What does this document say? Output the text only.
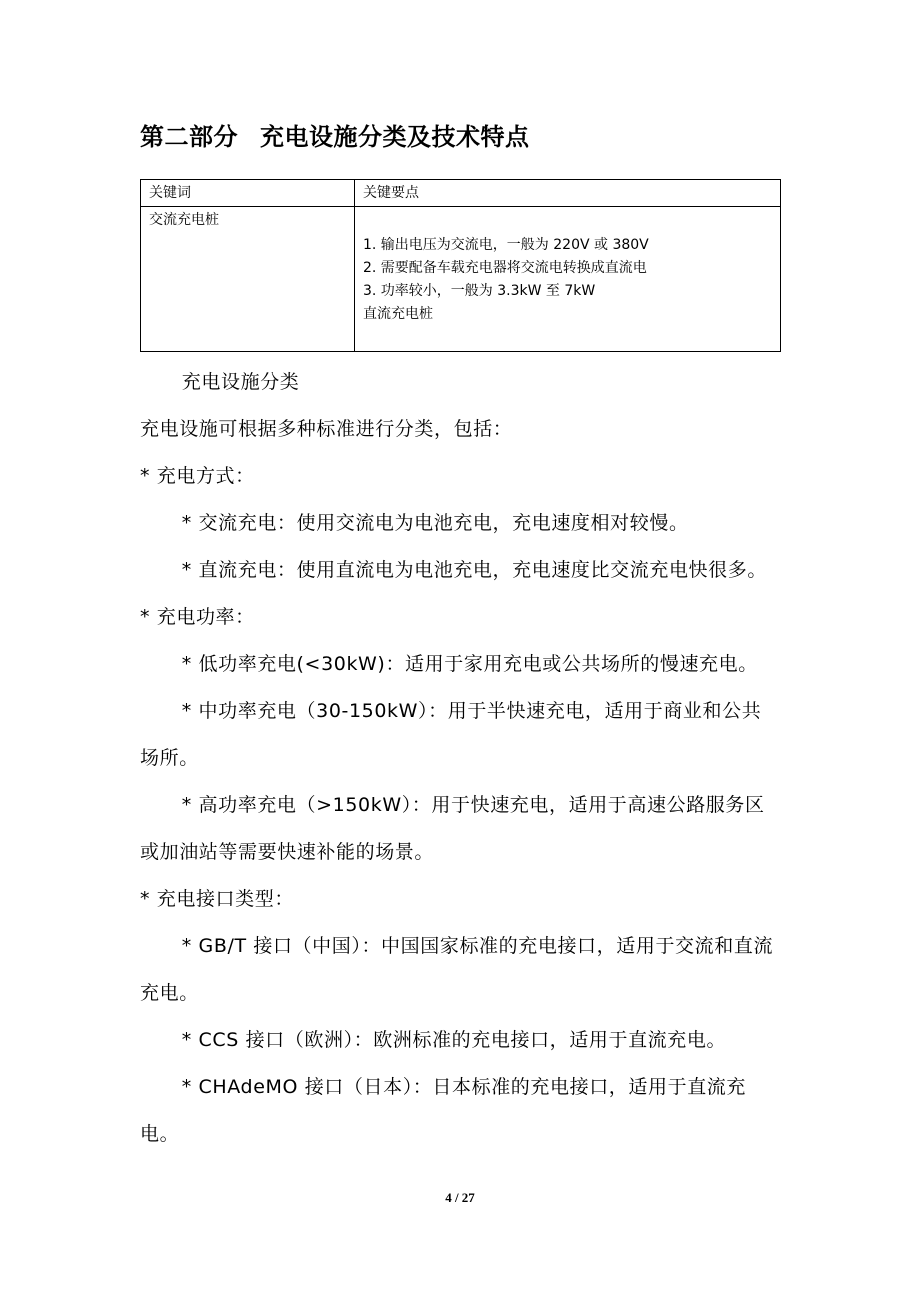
第二部分 充电设施分类及技术特点
关键词	关键要点
交流充电桩	1. 输出电压为交流电，一般为 220V 或 380V
2. 需要配备车载充电器将交流电转换成直流电
3. 功率较小，一般为 3.3kW 至 7kW
直流充电桩

充电设施分类

充电设施可根据多种标准进行分类，包括：

* 充电方式：

* 交流充电：使用交流电为电池充电，充电速度相对较慢。

* 直流充电：使用直流电为电池充电，充电速度比交流充电快很多。

* 充电功率：

* 低功率充电(<30kW)：适用于家用充电或公共场所的慢速充电。

* 中功率充电（30-150kW）：用于半快速充电，适用于商业和公共场所。

* 高功率充电（>150kW）：用于快速充电，适用于高速公路服务区或加油站等需要快速补能的场景。

* 充电接口类型：

* GB/T 接口（中国）：中国国家标准的充电接口，适用于交流和直流充电。

* CCS 接口（欧洲）：欧洲标准的充电接口，适用于直流充电。

* CHAdeMO 接口（日本）：日本标准的充电接口，适用于直流充电。

4 / 27
